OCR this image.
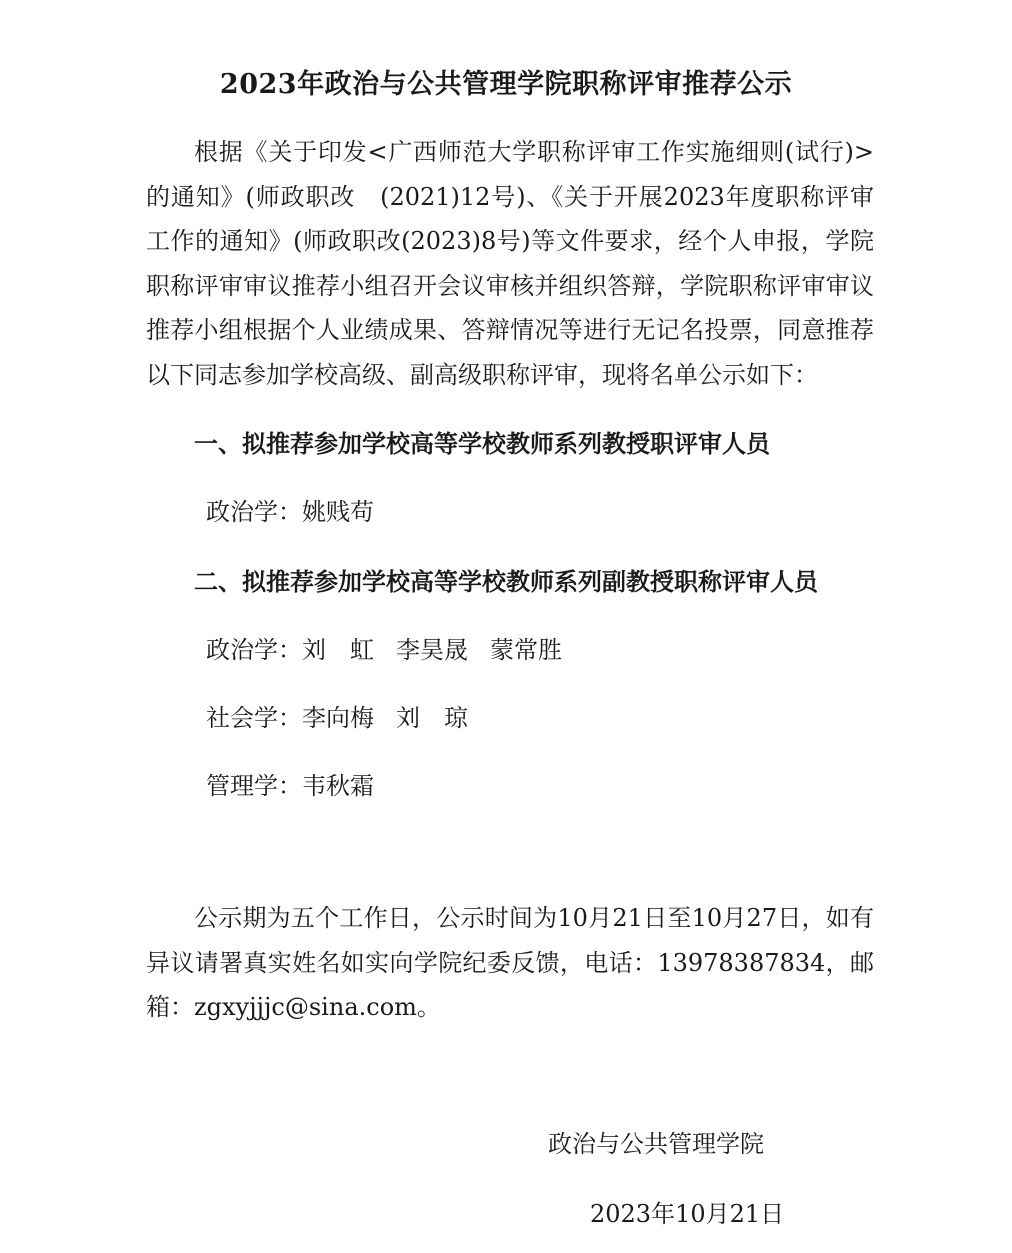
2023年政治与公共管理学院职称评审推荐公示

根据《关于印发<广西师范大学职称评审工作实施细则(试行)>的通知》(师政职改　(2021)12号)、《关于开展2023年度职称评审工作的通知》(师政职改(2023)8号)等文件要求，经个人申报，学院职称评审审议推荐小组召开会议审核并组织答辩，学院职称评审审议推荐小组根据个人业绩成果、答辩情况等进行无记名投票，同意推荐以下同志参加学校高级、副高级职称评审，现将名单公示如下：

一、拟推荐参加学校高等学校教师系列教授职评审人员

政治学：姚贱苟

二、拟推荐参加学校高等学校教师系列副教授职称评审人员

政治学：刘　虹 李昊晟 蒙常胜

社会学：李向梅 刘　琼

管理学：韦秋霜

公示期为五个工作日，公示时间为10月21日至10月27日，如有异议请署真实姓名如实向学院纪委反馈，电话：13978387834，邮箱：zgxyjjjc@sina.com。

政治与公共管理学院

2023年10月21日
